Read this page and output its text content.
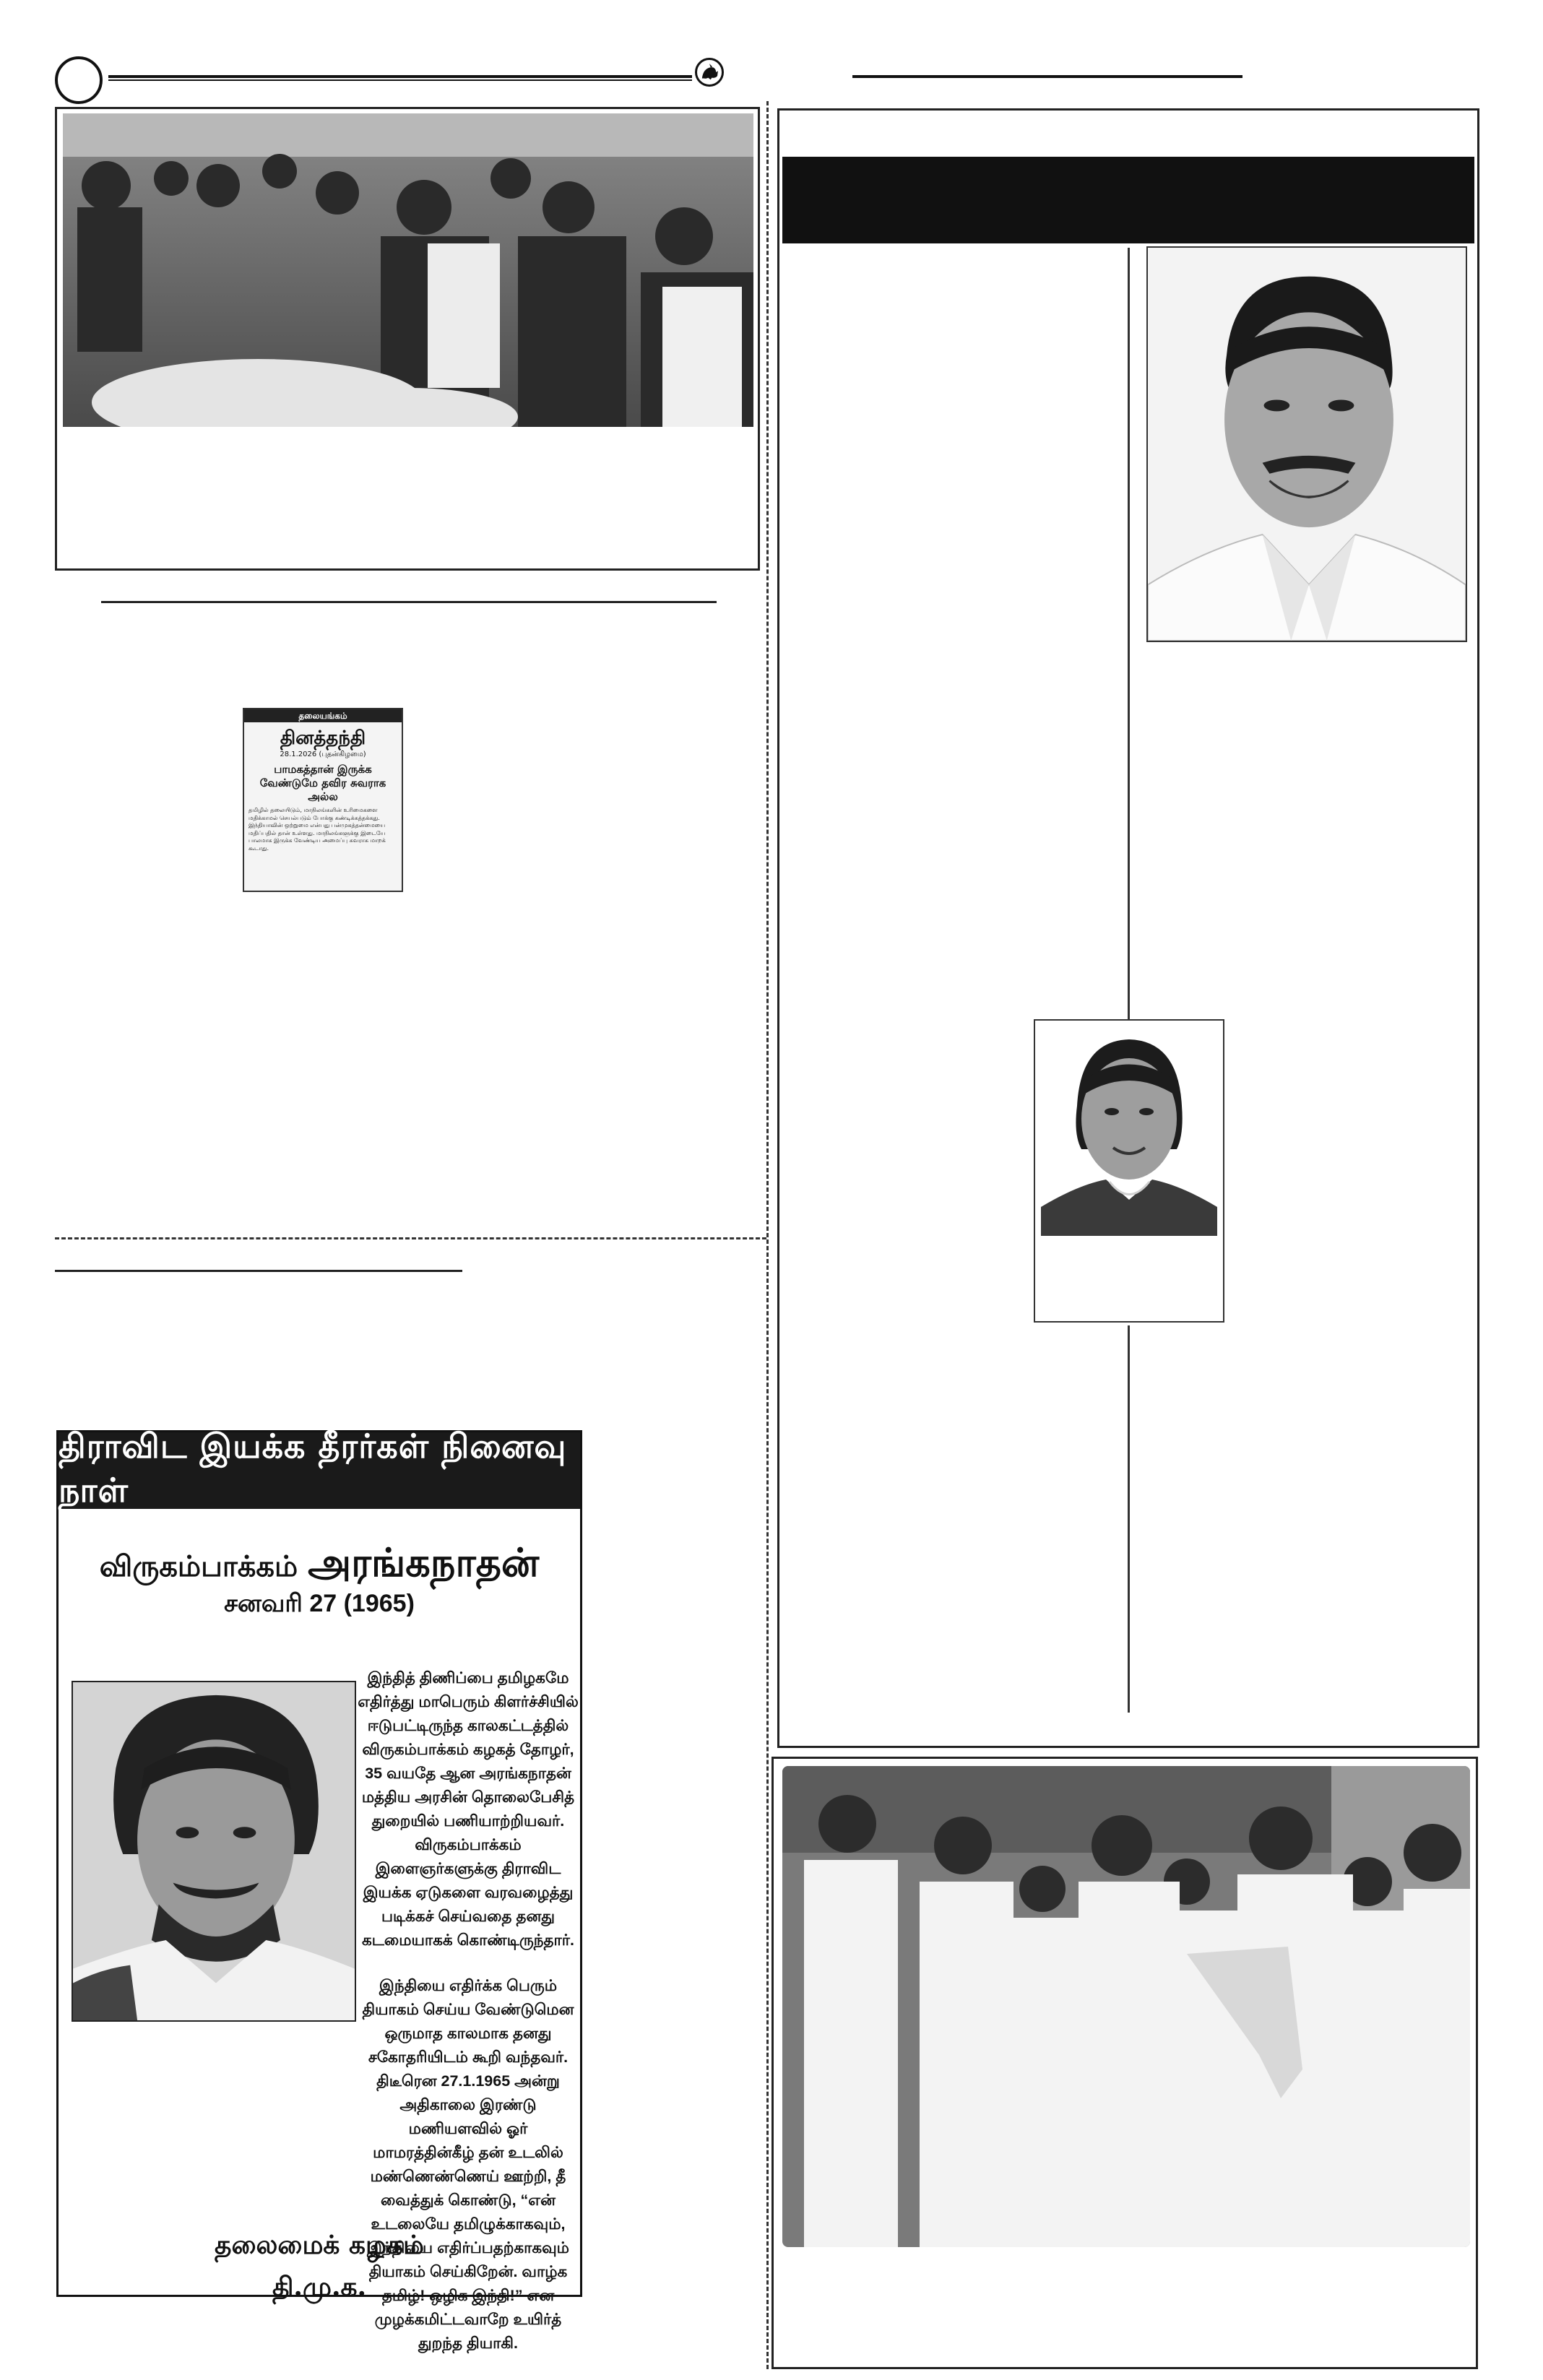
தலையங்கம்
தினத்தந்தி
28.1.2026 (புதன்கிழமை)
பாமகத்தான் இருக்க வேண்டுமே தவிர சுவராக அல்ல
தமிழில் தலையிடும், மாநிலங்களின் உரிமைகளை மதிக்காமல் செயல்படும் போக்கு கண்டிக்கத்தக்கது. இந்தியாவின் ஒற்றுமை என்பது பன்முகத்தன்மையை மதிப்பதில் தான் உள்ளது. மாநிலங்களுக்கு இடையே பாலமாக இருக்க வேண்டிய அமைப்பு சுவராக மாறக் கூடாது.
திராவிட இயக்க தீரர்கள் நினைவு நாள்
விருகம்பாக்கம் அரங்கநாதன்
சனவரி 27 (1965)

இந்தித் திணிப்பை தமிழகமே எதிர்த்து மாபெரும் கிளர்ச்சியில் ஈடுபட்டிருந்த காலகட்டத்தில் விருகம்பாக்கம் கழகத் தோழர், 35 வயதே ஆன அரங்கநாதன் மத்திய அரசின் தொலைபேசித் துறையில் பணியாற்றியவர். விருகம்பாக்கம் இளைஞர்களுக்கு திராவிட இயக்க ஏடுகளை வரவழைத்து படிக்கச் செய்வதை தனது கடமையாகக் கொண்டிருந்தார்.

இந்தியை எதிர்க்க பெரும் தியாகம் செய்ய வேண்டுமென ஒருமாத காலமாக தனது சகோதரியிடம் கூறி வந்தவர். திடீரென 27.1.1965 அன்று அதிகாலை இரண்டு மணியளவில் ஓர் மாமரத்தின்கீழ் தன் உடலில் மண்ணெண்ணெய் ஊற்றி, தீ வைத்துக் கொண்டு, “என் உடலையே தமிழுக்காகவும், இந்தியை எதிர்ப்பதற்காகவும் தியாகம் செய்கிறேன். வாழ்க தமிழ்! ஒழிக இந்தி!” என முழக்கமிட்டவாறே உயிர்த் துறந்த தியாகி.

தலைமைக் கழகம்
தி.மு.க.
